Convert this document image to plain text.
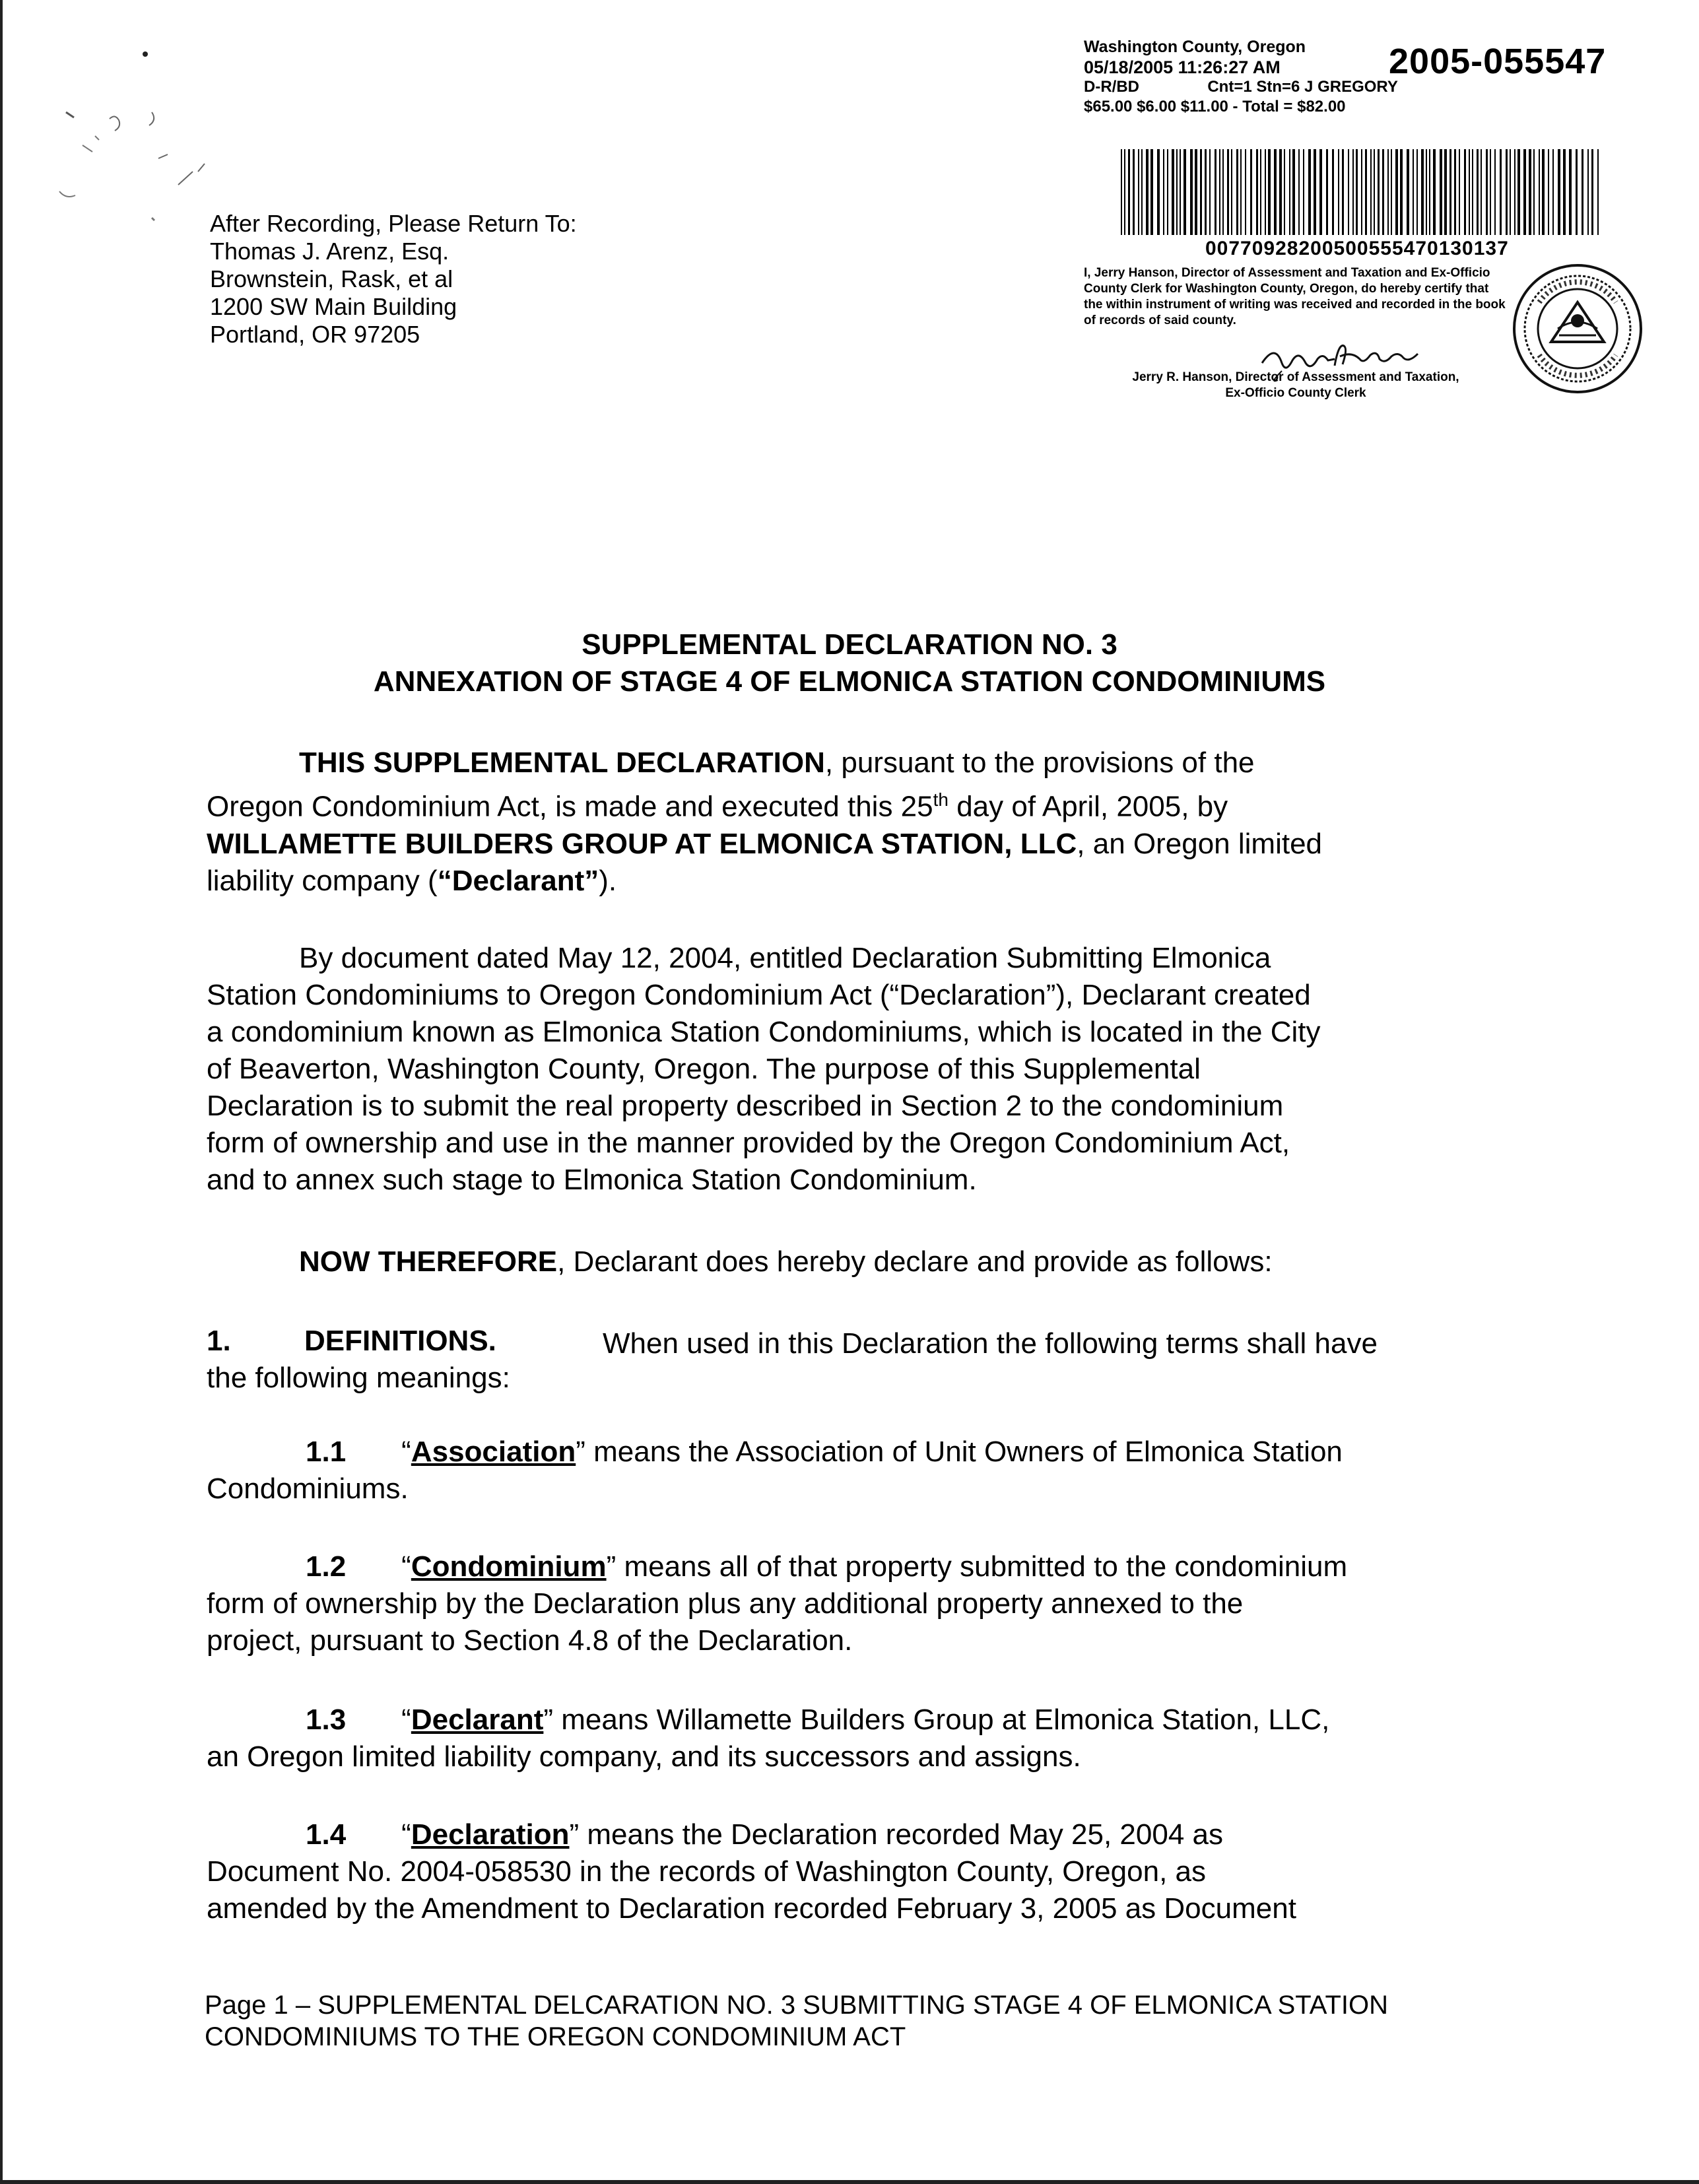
After Recording, Please Return To:
Thomas J. Arenz, Esq.
Brownstein, Rask, et al
1200 SW Main Building
Portland, OR 97205
Washington County, Oregon
05/18/2005 11:26:27 AM
D-R/BD	Cnt=1 Stn=6 J GREGORY
$65.00 $6.00 $11.00 - Total = $82.00
2005-055547
00770928200500555470130137
I, Jerry Hanson, Director of Assessment and Taxation and Ex-Officio County Clerk for Washington County, Oregon, do hereby certify that the within instrument of writing was received and recorded in the book of records of said county.
Jerry R. Hanson, Director of Assessment and Taxation,
Ex-Officio County Clerk
SUPPLEMENTAL DECLARATION NO. 3
ANNEXATION OF STAGE 4 OF ELMONICA STATION CONDOMINIUMS
THIS SUPPLEMENTAL DECLARATION, pursuant to the provisions of the
Oregon Condominium Act, is made and executed this 25th day of April, 2005, by
WILLAMETTE BUILDERS GROUP AT ELMONICA STATION, LLC, an Oregon limited
liability company (“Declarant”).
By document dated May 12, 2004, entitled Declaration Submitting Elmonica
Station Condominiums to Oregon Condominium Act (“Declaration”), Declarant created
a condominium known as Elmonica Station Condominiums, which is located in the City
of Beaverton, Washington County, Oregon. The purpose of this Supplemental
Declaration is to submit the real property described in Section 2 to the condominium
form of ownership and use in the manner provided by the Oregon Condominium Act,
and to annex such stage to Elmonica Station Condominium.
NOW THEREFORE, Declarant does hereby declare and provide as follows:
1.	DEFINITIONS.	When used in this Declaration the following terms shall have
the following meanings:
1.1 “Association” means the Association of Unit Owners of Elmonica Station
Condominiums.
1.2 “Condominium” means all of that property submitted to the condominium
form of ownership by the Declaration plus any additional property annexed to the
project, pursuant to Section 4.8 of the Declaration.
1.3 “Declarant” means Willamette Builders Group at Elmonica Station, LLC,
an Oregon limited liability company, and its successors and assigns.
1.4 “Declaration” means the Declaration recorded May 25, 2004 as
Document No. 2004-058530 in the records of Washington County, Oregon, as
amended by the Amendment to Declaration recorded February 3, 2005 as Document
Page 1 – SUPPLEMENTAL DELCARATION NO. 3 SUBMITTING STAGE 4 OF ELMONICA STATION
CONDOMINIUMS TO THE OREGON CONDOMINIUM ACT
